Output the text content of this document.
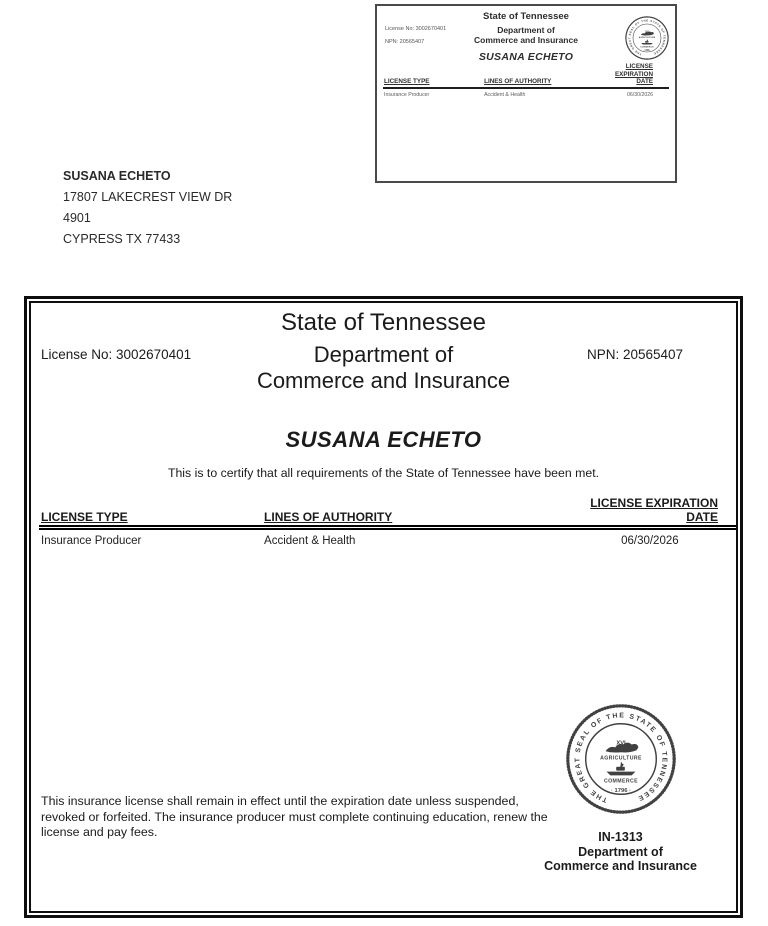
License No: 3002670401
NPN: 20565407
State of Tennessee
Department of
Commerce and Insurance
SUSANA ECHETO
LICENSE TYPE	LINES OF AUTHORITY	LICENSE
EXPIRATION
DATE

Insurance Producer	Accident & Health	06/30/2026
SUSANA ECHETO
17807 LAKECREST VIEW DR
4901
CYPRESS TX 77433
State of Tennessee
License No: 3002670401	Department of
Commerce and Insurance
NPN: 20565407
SUSANA ECHETO
This is to certify that all requirements of the State of Tennessee have been met.
LICENSE TYPE	LINES OF AUTHORITY	LICENSE EXPIRATION DATE
Insurance Producer	Accident & Health	06/30/2026
This insurance license shall remain in effect until the expiration date unless suspended, revoked or forfeited. The insurance producer must complete continuing education, renew the license and pay fees.	IN-1313
Department of
Commerce and Insurance
